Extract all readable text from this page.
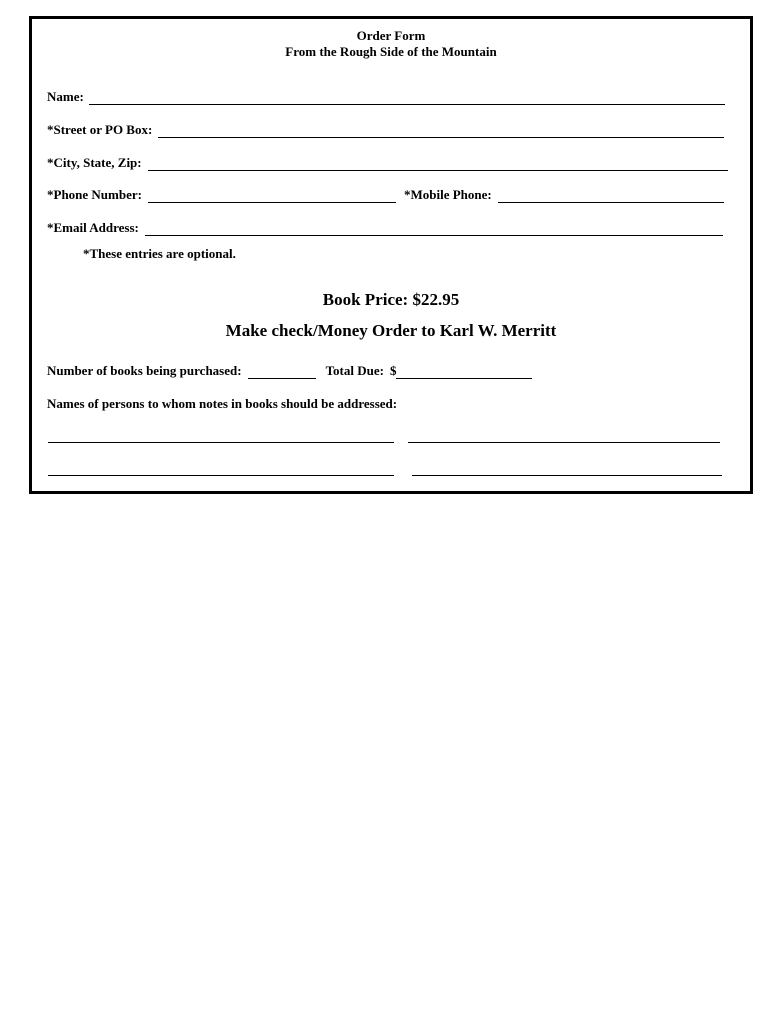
Order Form
From the Rough Side of the Mountain
Name:
*Street or PO Box:
*City, State, Zip:
*Phone Number:	*Mobile Phone:
*Email Address:
*These entries are optional.
Book Price: $22.95
Make check/Money Order to Karl W. Merritt
Number of books being purchased:	Total Due: $
Names of persons to whom notes in books should be addressed:
